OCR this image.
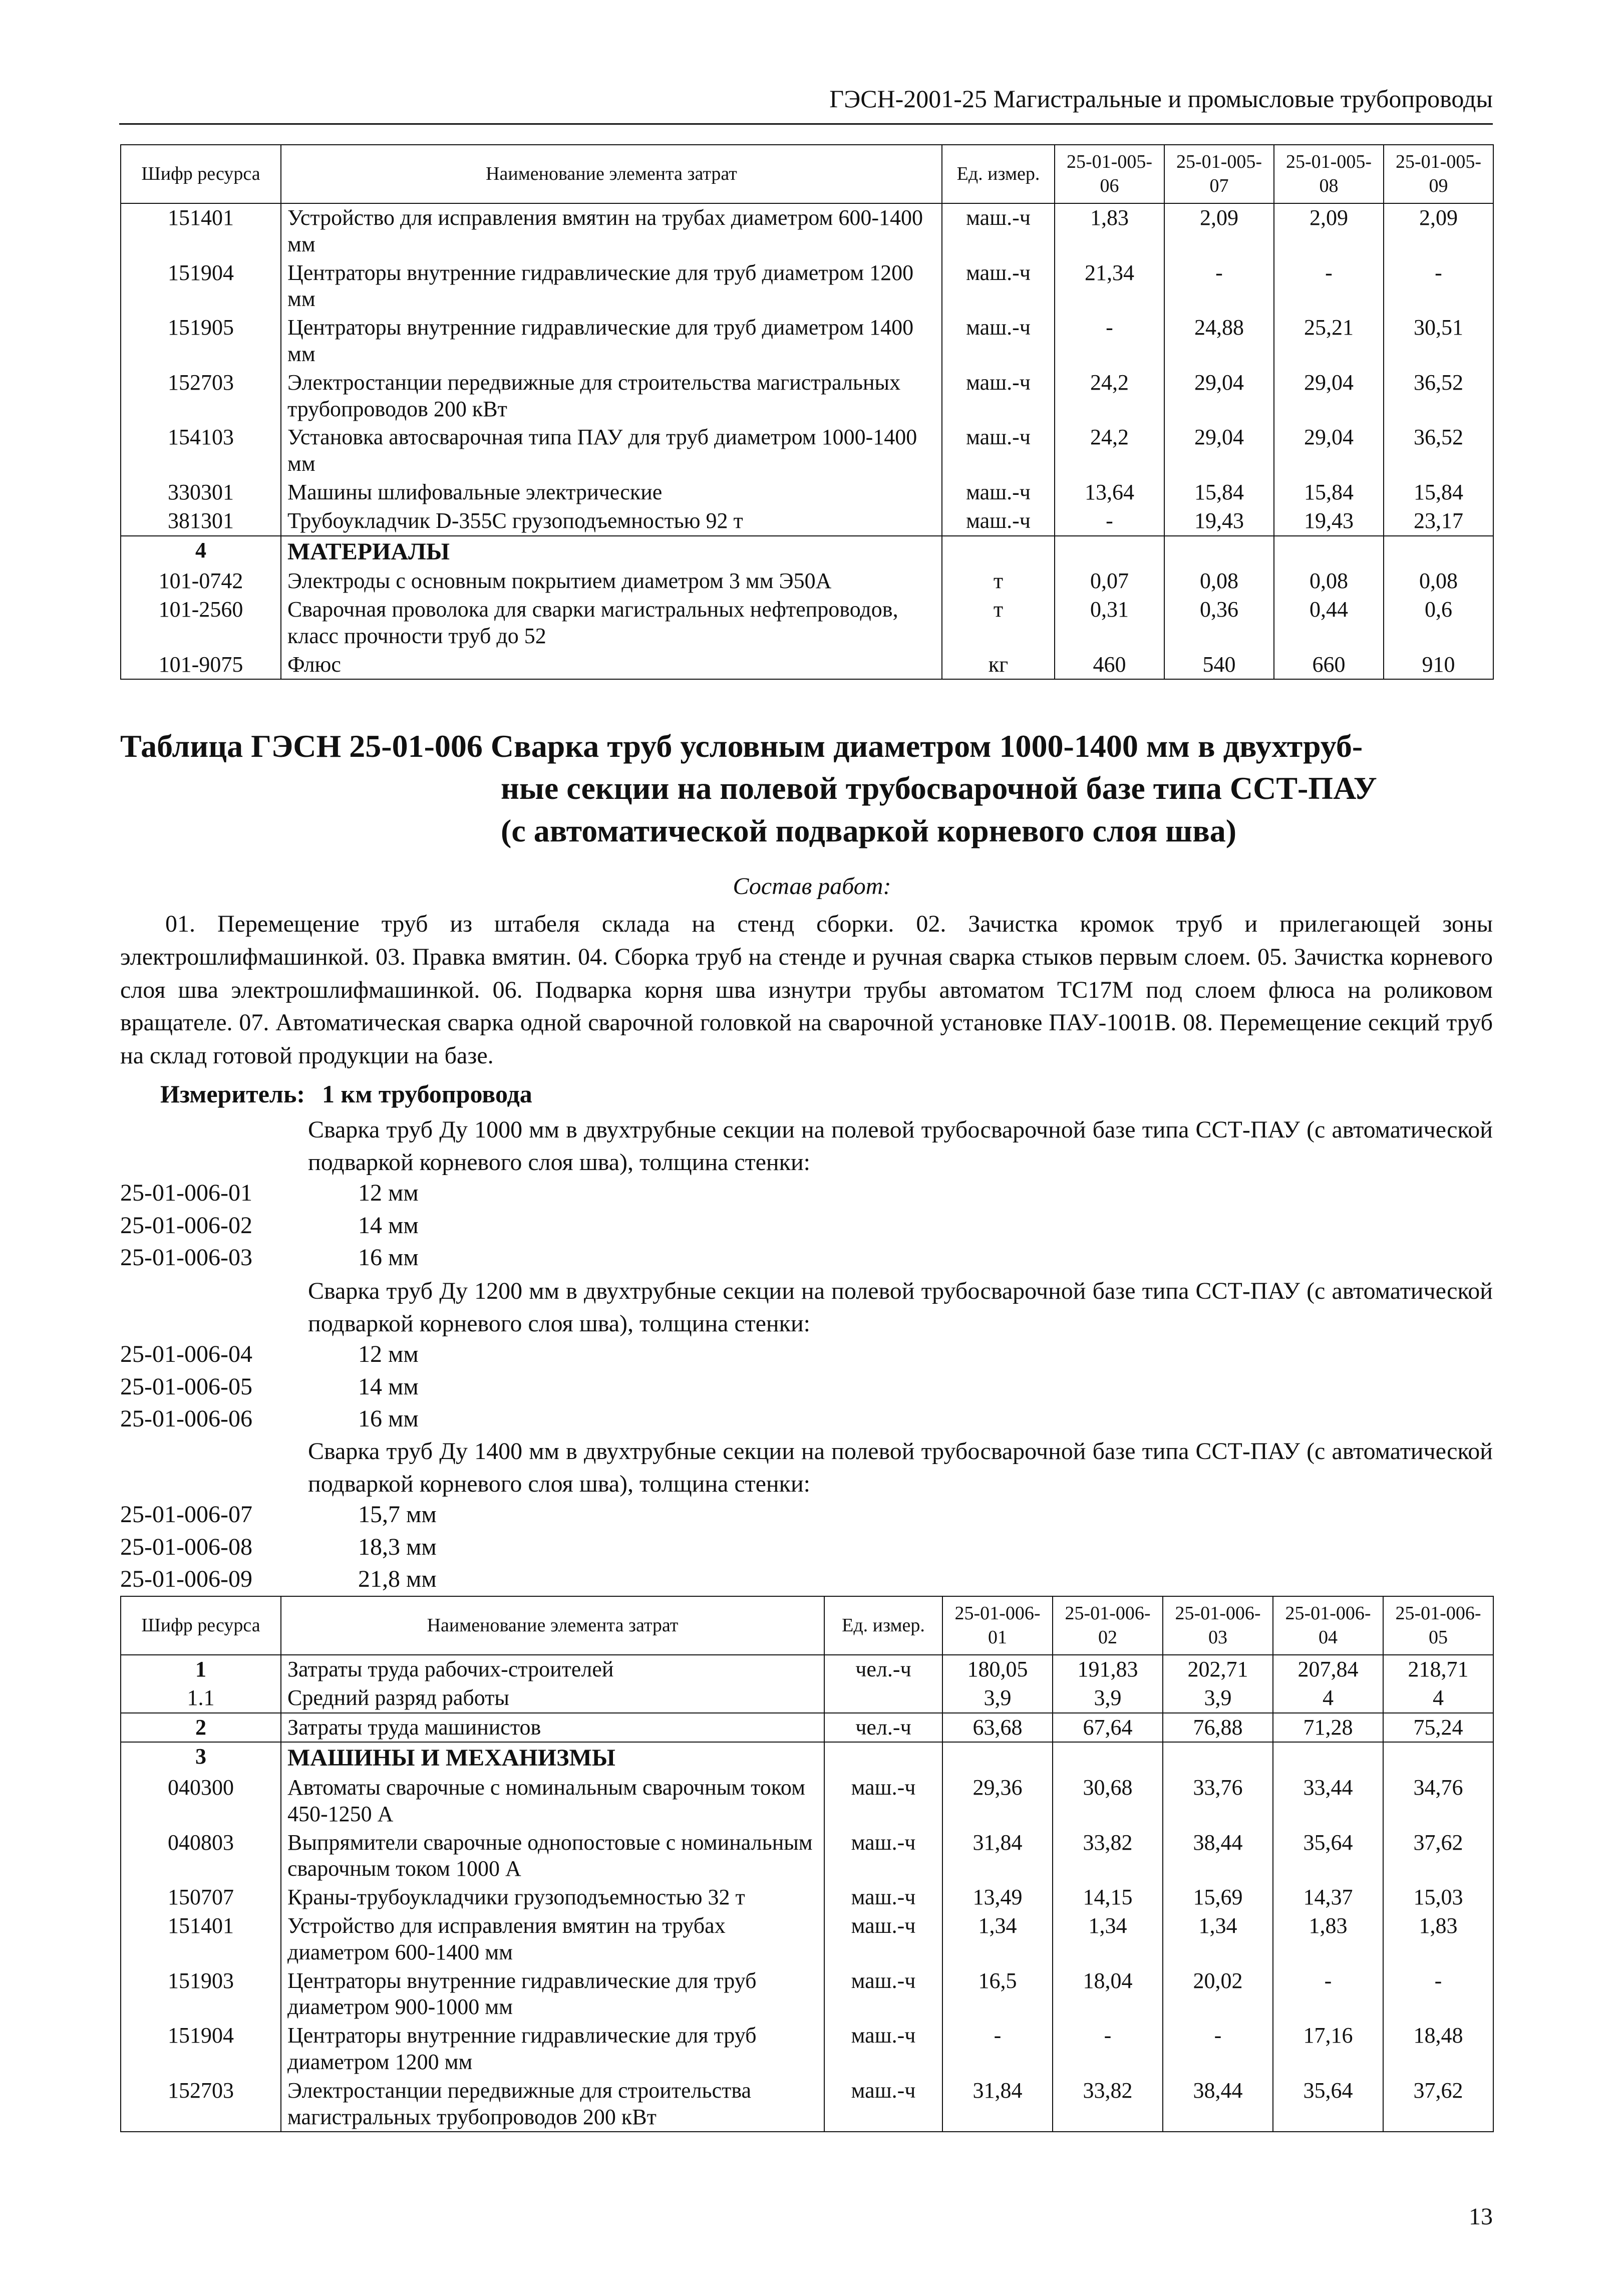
ГЭСН-2001-25 Магистральные и промысловые трубопроводы
Шифр ресурса	Наименование элемента затрат	Ед. измер.	25-01-005-06	25-01-005-07	25-01-005-08	25-01-005-09
151401	Устройство для исправления вмятин на трубах диаметром 600-1400 мм	маш.-ч	1,83	2,09	2,09	2,09
151904	Центраторы внутренние гидравлические для труб диаметром 1200 мм	маш.-ч	21,34	-	-	-
151905	Центраторы внутренние гидравлические для труб диаметром 1400 мм	маш.-ч	-	24,88	25,21	30,51
152703	Электростанции передвижные для строительства магистральных трубопроводов 200 кВт	маш.-ч	24,2	29,04	29,04	36,52
154103	Установка автосварочная типа ПАУ для труб диаметром 1000-1400 мм	маш.-ч	24,2	29,04	29,04	36,52
330301	Машины шлифовальные электрические	маш.-ч	13,64	15,84	15,84	15,84
381301	Трубоукладчик D-355C грузоподъемностью 92 т	маш.-ч	-	19,43	19,43	23,17
4	МАТЕРИАЛЫ					
101-0742	Электроды с основным покрытием диаметром 3 мм Э50А	т	0,07	0,08	0,08	0,08
101-2560	Сварочная проволока для сварки магистральных нефтепроводов, класс прочности труб до 52	т	0,31	0,36	0,44	0,6
101-9075	Флюс	кг	460	540	660	910
Таблица ГЭСН 25-01-006 Сварка труб условным диаметром 1000-1400 мм в двухтруб-
ные секции на полевой трубосварочной базе типа ССТ-ПАУ
(с автоматической подваркой корневого слоя шва)
Состав работ:
01. Перемещение труб из штабеля склада на стенд сборки. 02. Зачистка кромок труб и прилегающей зоны электрошлифмашинкой. 03. Правка вмятин. 04. Сборка труб на стенде и ручная сварка стыков первым слоем. 05. Зачистка корневого слоя шва электрошлифмашинкой. 06. Подварка корня шва изнутри трубы автоматом ТС17М под слоем флюса на роликовом вращателе. 07. Автоматическая сварка одной сварочной головкой на сварочной установке ПАУ-1001В. 08. Перемещение секций труб на склад готовой продукции на базе.
Измеритель: 1 км трубопровода
Сварка труб Ду 1000 мм в двухтрубные секции на полевой трубосварочной базе типа ССТ-ПАУ (с автоматической подваркой корневого слоя шва), толщина стенки:
25-01-006-01	12 мм
25-01-006-02	14 мм
25-01-006-03	16 мм
Сварка труб Ду 1200 мм в двухтрубные секции на полевой трубосварочной базе типа ССТ-ПАУ (с автоматической подваркой корневого слоя шва), толщина стенки:
25-01-006-04	12 мм
25-01-006-05	14 мм
25-01-006-06	16 мм
Сварка труб Ду 1400 мм в двухтрубные секции на полевой трубосварочной базе типа ССТ-ПАУ (с автоматической подваркой корневого слоя шва), толщина стенки:
25-01-006-07	15,7 мм
25-01-006-08	18,3 мм
25-01-006-09	21,8 мм
Шифр ресурса	Наименование элемента затрат	Ед. измер.	25-01-006-01	25-01-006-02	25-01-006-03	25-01-006-04	25-01-006-05
1	Затраты труда рабочих-строителей	чел.-ч	180,05	191,83	202,71	207,84	218,71
1.1	Средний разряд работы		3,9	3,9	3,9	4	4
2	Затраты труда машинистов	чел.-ч	63,68	67,64	76,88	71,28	75,24
3	МАШИНЫ И МЕХАНИЗМЫ						
040300	Автоматы сварочные с номинальным сварочным током 450-1250 А	маш.-ч	29,36	30,68	33,76	33,44	34,76
040803	Выпрямители сварочные однопостовые с номинальным сварочным током 1000 А	маш.-ч	31,84	33,82	38,44	35,64	37,62
150707	Краны-трубоукладчики грузоподъемностью 32 т	маш.-ч	13,49	14,15	15,69	14,37	15,03
151401	Устройство для исправления вмятин на трубах диаметром 600-1400 мм	маш.-ч	1,34	1,34	1,34	1,83	1,83
151903	Центраторы внутренние гидравлические для труб диаметром 900-1000 мм	маш.-ч	16,5	18,04	20,02	-	-
151904	Центраторы внутренние гидравлические для труб диаметром 1200 мм	маш.-ч	-	-	-	17,16	18,48
152703	Электростанции передвижные для строительства магистральных трубопроводов 200 кВт	маш.-ч	31,84	33,82	38,44	35,64	37,62
13
